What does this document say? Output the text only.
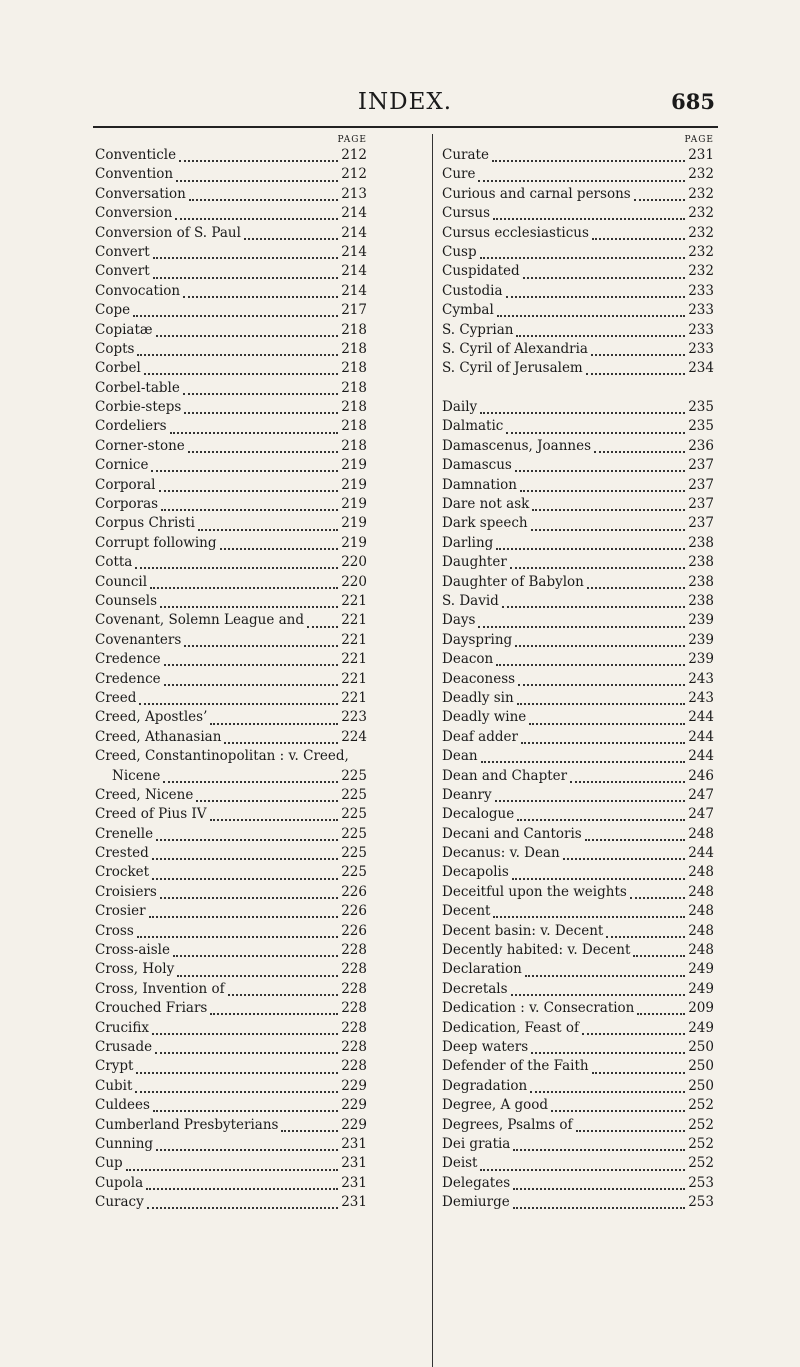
INDEX.	685
PAGE
Conventicle	212
Convention	212
Conversation	213
Conversion	214
Conversion of S. Paul	214
Convert	214
Convert	214
Convocation	214
Cope	217
Copiatæ	218
Copts	218
Corbel	218
Corbel-table	218
Corbie-steps	218
Cordeliers	218
Corner-stone	218
Cornice	219
Corporal	219
Corporas	219
Corpus Christi	219
Corrupt following	219
Cotta	220
Council	220
Counsels	221
Covenant, Solemn League and	221
Covenanters	221
Credence	221
Credence	221
Creed	221
Creed, Apostles’	223
Creed, Athanasian	224
Creed, Constantinopolitan : v. Creed,
Nicene	225
Creed, Nicene	225
Creed of Pius IV	225
Crenelle	225
Crested	225
Crocket	225
Croisiers	226
Crosier	226
Cross	226
Cross-aisle	228
Cross, Holy	228
Cross, Invention of	228
Crouched Friars	228
Crucifix	228
Crusade	228
Crypt	228
Cubit	229
Culdees	229
Cumberland Presbyterians	229
Cunning	231
Cup	231
Cupola	231
Curacy	231
PAGE
Curate	231
Cure	232
Curious and carnal persons	232
Cursus	232
Cursus ecclesiasticus	232
Cusp	232
Cuspidated	232
Custodia	233
Cymbal	233
S. Cyprian	233
S. Cyril of Alexandria	233
S. Cyril of Jerusalem	234
Daily	235
Dalmatic	235
Damascenus, Joannes	236
Damascus	237
Damnation	237
Dare not ask	237
Dark speech	237
Darling	238
Daughter	238
Daughter of Babylon	238
S. David	238
Days	239
Dayspring	239
Deacon	239
Deaconess	243
Deadly sin	243
Deadly wine	244
Deaf adder	244
Dean	244
Dean and Chapter	246
Deanry	247
Decalogue	247
Decani and Cantoris	248
Decanus: v. Dean	244
Decapolis	248
Deceitful upon the weights	248
Decent	248
Decent basin: v. Decent	248
Decently habited: v. Decent	248
Declaration	249
Decretals	249
Dedication : v. Consecration	209
Dedication, Feast of	249
Deep waters	250
Defender of the Faith	250
Degradation	250
Degree, A good	252
Degrees, Psalms of	252
Dei gratia	252
Deist	252
Delegates	253
Demiurge	253
